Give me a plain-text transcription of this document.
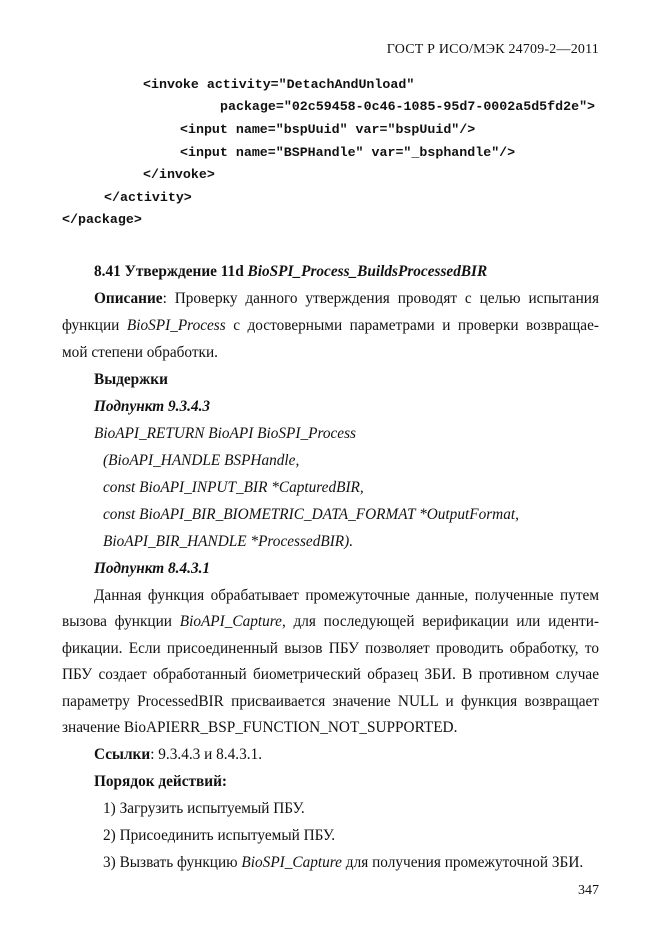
ГОСТ Р ИСО/МЭК 24709-2—2011
<invoke activity="DetachAndUnload"
package="02c59458-0c46-1085-95d7-0002a5d5fd2e">
<input name="bspUuid" var="bspUuid"/>
<input name="BSPHandle" var="_bsphandle"/>
</invoke>
</activity>
</package>
8.41 Утверждение 11d BioSPI_Process_BuildsProcessedBIR
Описание: Проверку данного утверждения проводят с целью испытания
функции BioSPI_Process с достоверными параметрами и проверки возвращае-
мой степени обработки.
Выдержки
Подпункт 9.3.4.3
BioAPI_RETURN BioAPI BioSPI_Process
(BioAPI_HANDLE BSPHandle,
const BioAPI_INPUT_BIR *CapturedBIR,
const BioAPI_BIR_BIOMETRIC_DATA_FORMAT *OutputFormat,
BioAPI_BIR_HANDLE *ProcessedBIR).
Подпункт 8.4.3.1
Данная функция обрабатывает промежуточные данные, полученные путем
вызова функции BioAPI_Capture, для последующей верификации или иденти-
фикации. Если присоединенный вызов ПБУ позволяет проводить обработку, то
ПБУ создает обработанный биометрический образец ЗБИ. В противном случае
параметру ProcessedBIR присваивается значение NULL и функция возвращает
значение BioAPIERR_BSP_FUNCTION_NOT_SUPPORTED.
Ссылки: 9.3.4.3 и 8.4.3.1.
Порядок действий:
1) Загрузить испытуемый ПБУ.
2) Присоединить испытуемый ПБУ.
3) Вызвать функцию BioSPI_Capture для получения промежуточной ЗБИ.
347
